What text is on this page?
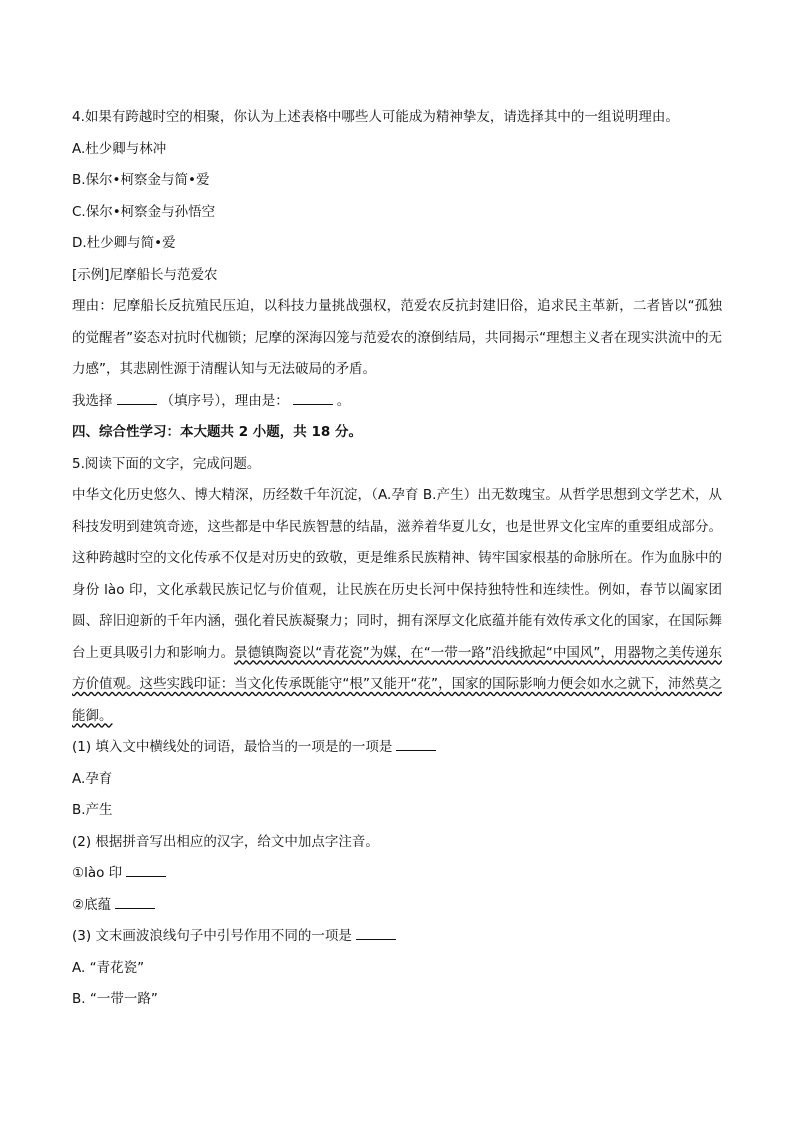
4.如果有跨越时空的相聚，你认为上述表格中哪些人可能成为精神挚友，请选择其中的一组说明理由。
A.杜少卿与林冲
B.保尔•柯察金与简•爱
C.保尔•柯察金与孙悟空
D.杜少卿与简•爱
[示例]尼摩船长与范爱农
理由：尼摩船长反抗殖民压迫，以科技力量挑战强权，范爱农反抗封建旧俗，追求民主革新，二者皆以“孤独的觉醒者”姿态对抗时代枷锁；尼摩的深海囚笼与范爱农的潦倒结局，共同揭示“理想主义者在现实洪流中的无力感”，其悲剧性源于清醒认知与无法破局的矛盾。
我选择	（填序号），理由是：	。
四、综合性学习：本大题共 2 小题，共 18 分。
5.阅读下面的文字，完成问题。
中华文化历史悠久、博大精深，历经数千年沉淀，（A.孕育 B.产生）出无数瑰宝。从哲学思想到文学艺术，从科技发明到建筑奇迹，这些都是中华民族智慧的结晶，滋养着华夏儿女，也是世界文化宝库的重要组成部分。这种跨越时空的文化传承不仅是对历史的致敬，更是维系民族精神、铸牢国家根基的命脉所在。作为血脉中的身份 lào 印，文化承载民族记忆与价值观，让民族在历史长河中保持独特性和连续性。例如，春节以阖家团圆、辞旧迎新的千年内涵，强化着民族凝聚力；同时，拥有深厚文化底蕴并能有效传承文化的国家，在国际舞台上更具吸引力和影响力。景德镇陶瓷以“青花瓷”为媒，在“一带一路”沿线掀起“中国风”，用器物之美传递东方价值观。这些实践印证：当文化传承既能守“根”又能开“花”，国家的国际影响力便会如水之就下，沛然莫之能御。
(1) 填入文中横线处的词语，最恰当的一项是的一项是
A.孕育
B.产生
(2) 根据拼音写出相应的汉字，给文中加点字注音。
①lào 印
②底蕴
(3) 文末画波浪线句子中引号作用不同的一项是
A. “青花瓷”
B. “一带一路”
